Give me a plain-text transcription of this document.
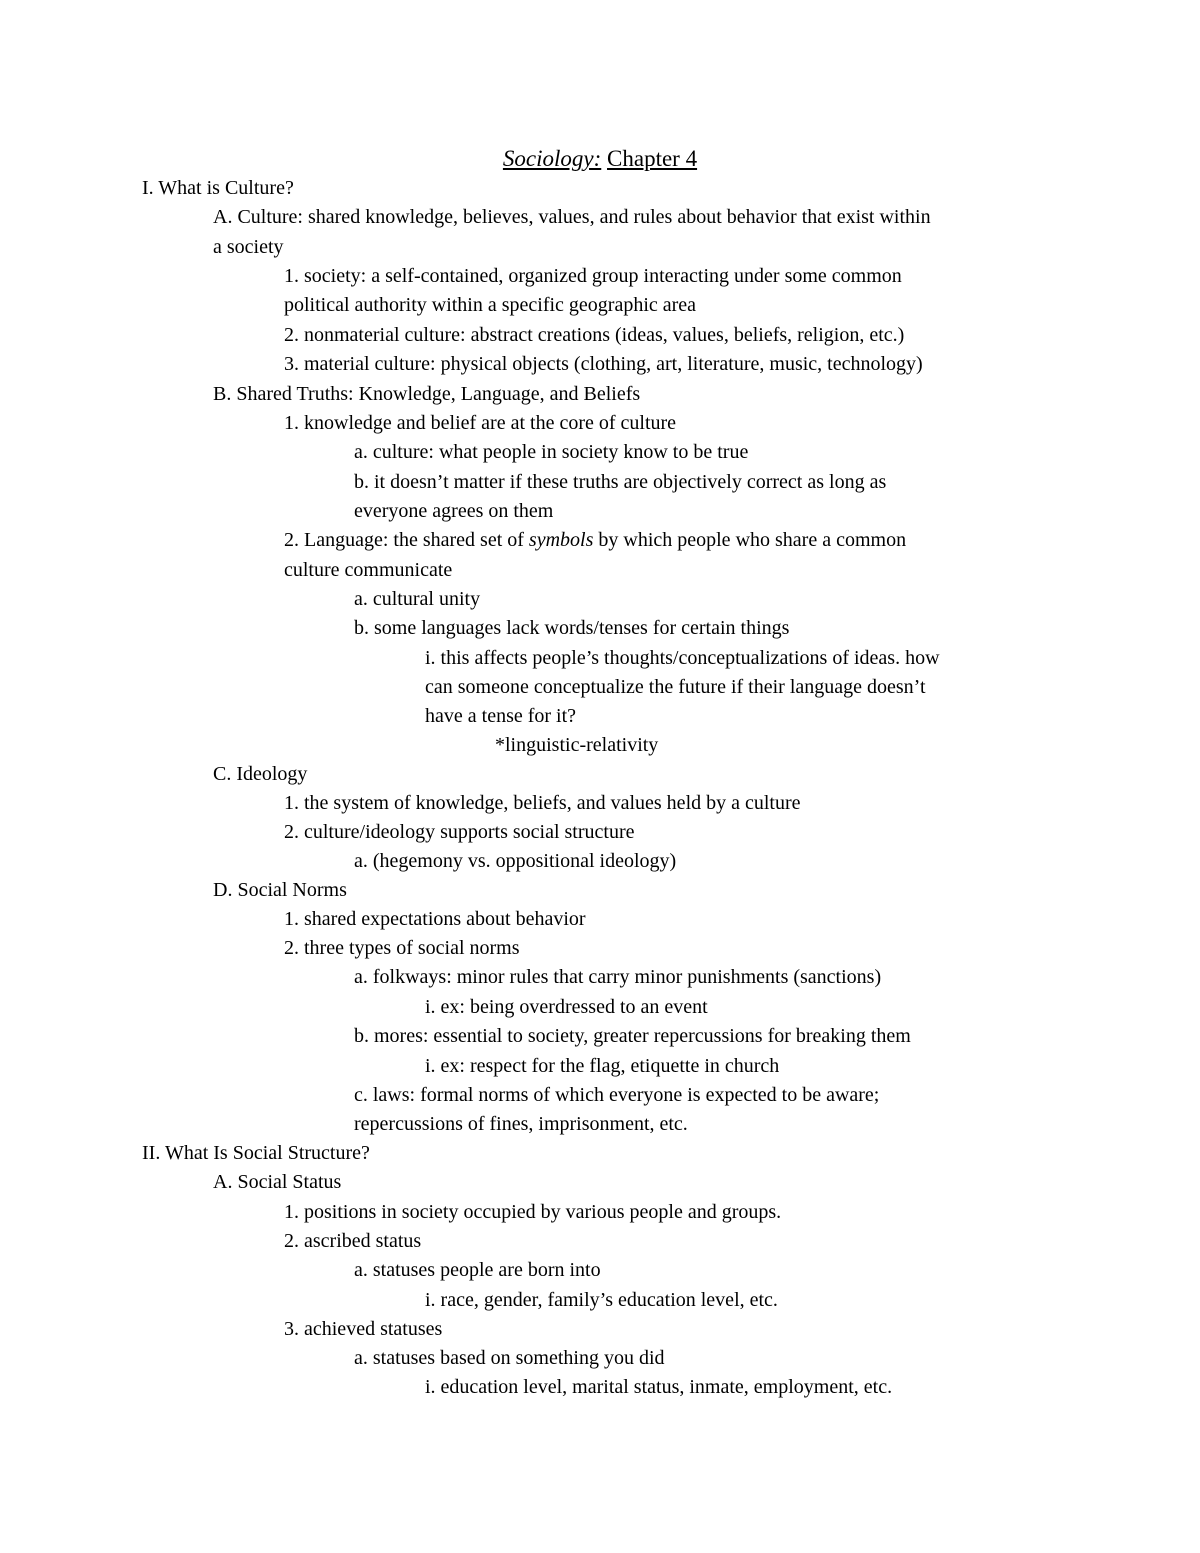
Sociology: Chapter 4
I. What is Culture?
A. Culture: shared knowledge, believes, values, and rules about behavior that exist within
a society
1. society: a self-contained, organized group interacting under some common
political authority within a specific geographic area
2. nonmaterial culture: abstract creations (ideas, values, beliefs, religion, etc.)
3. material culture: physical objects (clothing, art, literature, music, technology)
B. Shared Truths: Knowledge, Language, and Beliefs
1. knowledge and belief are at the core of culture
a. culture: what people in society know to be true
b. it doesn’t matter if these truths are objectively correct as long as
everyone agrees on them
2. Language: the shared set of symbols by which people who share a common
culture communicate
a. cultural unity
b. some languages lack words/tenses for certain things
i. this affects people’s thoughts/conceptualizations of ideas. how
can someone conceptualize the future if their language doesn’t
have a tense for it?
*linguistic-relativity
C. Ideology
1. the system of knowledge, beliefs, and values held by a culture
2. culture/ideology supports social structure
a. (hegemony vs. oppositional ideology)
D. Social Norms
1. shared expectations about behavior
2. three types of social norms
a. folkways: minor rules that carry minor punishments (sanctions)
i. ex: being overdressed to an event
b. mores: essential to society, greater repercussions for breaking them
i. ex: respect for the flag, etiquette in church
c. laws: formal norms of which everyone is expected to be aware;
repercussions of fines, imprisonment, etc.
II. What Is Social Structure?
A. Social Status
1. positions in society occupied by various people and groups.
2. ascribed status
a. statuses people are born into
i. race, gender, family’s education level, etc.
3. achieved statuses
a. statuses based on something you did
i. education level, marital status, inmate, employment, etc.
